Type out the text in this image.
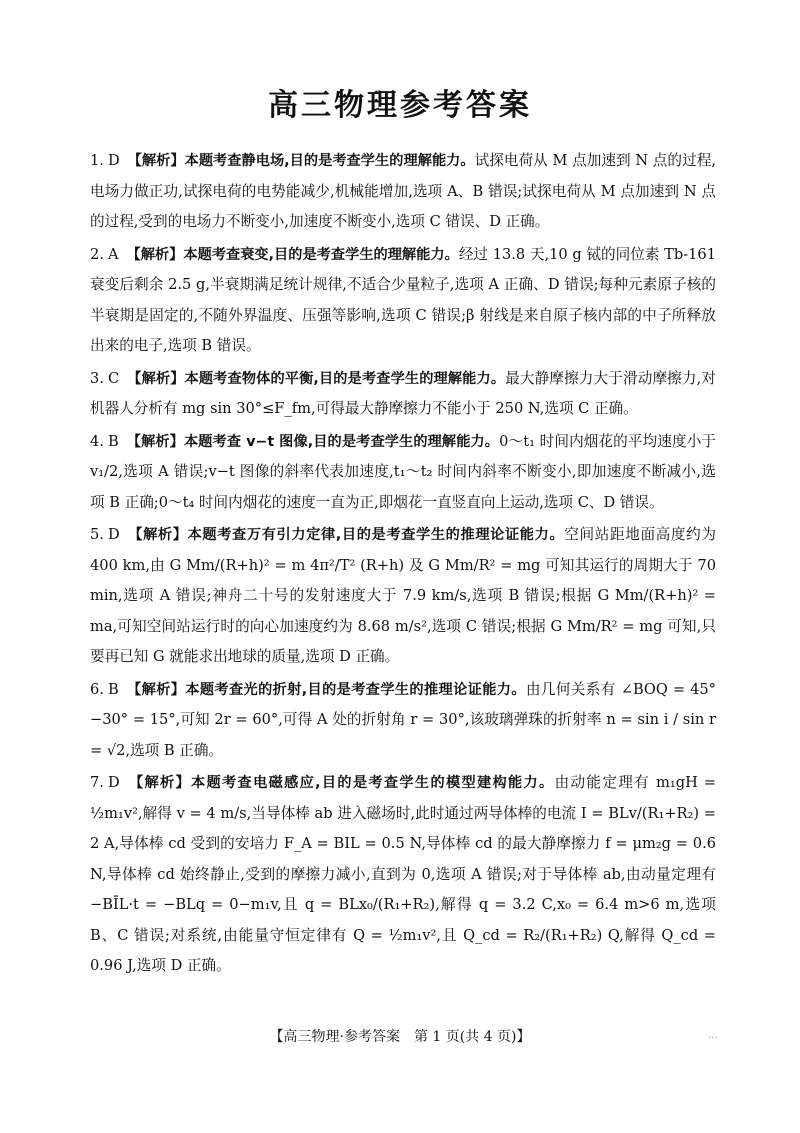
高三物理参考答案

1. D 【解析】本题考查静电场,目的是考查学生的理解能力。试探电荷从 M 点加速到 N 点的过程,电场力做正功,试探电荷的电势能减少,机械能增加,选项 A、B 错误;试探电荷从 M 点加速到 N 点的过程,受到的电场力不断变小,加速度不断变小,选项 C 错误、D 正确。

2. A 【解析】本题考查衰变,目的是考查学生的理解能力。经过 13.8 天,10 g 铽的同位素 Tb-161 衰变后剩余 2.5 g,半衰期满足统计规律,不适合少量粒子,选项 A 正确、D 错误;每种元素原子核的半衰期是固定的,不随外界温度、压强等影响,选项 C 错误;β 射线是来自原子核内部的中子所释放出来的电子,选项 B 错误。

3. C 【解析】本题考查物体的平衡,目的是考查学生的理解能力。最大静摩擦力大于滑动摩擦力,对机器人分析有 mg sin 30°≤F_fm,可得最大静摩擦力不能小于 250 N,选项 C 正确。

4. B 【解析】本题考查 v−t 图像,目的是考查学生的理解能力。0～t₁ 时间内烟花的平均速度小于 v₁/2,选项 A 错误;v−t 图像的斜率代表加速度,t₁～t₂ 时间内斜率不断变小,即加速度不断减小,选项 B 正确;0～t₄ 时间内烟花的速度一直为正,即烟花一直竖直向上运动,选项 C、D 错误。

5. D 【解析】本题考查万有引力定律,目的是考查学生的推理论证能力。空间站距地面高度约为 400 km,由 G Mm/(R+h)² = m 4π²/T² (R+h) 及 G Mm/R² = mg 可知其运行的周期大于 70 min,选项 A 错误;神舟二十号的发射速度大于 7.9 km/s,选项 B 错误;根据 G Mm/(R+h)² = ma,可知空间站运行时的向心加速度约为 8.68 m/s²,选项 C 错误;根据 G Mm/R² = mg 可知,只要再已知 G 就能求出地球的质量,选项 D 正确。

6. B 【解析】本题考查光的折射,目的是考查学生的推理论证能力。由几何关系有 ∠BOQ = 45°−30° = 15°,可知 2r = 60°,可得 A 处的折射角 r = 30°,该玻璃弹珠的折射率 n = sin i / sin r = √2,选项 B 正确。

7. D 【解析】本题考查电磁感应,目的是考查学生的模型建构能力。由动能定理有 m₁gH = ½m₁v²,解得 v = 4 m/s,当导体棒 ab 进入磁场时,此时通过两导体棒的电流 I = BLv/(R₁+R₂) = 2 A,导体棒 cd 受到的安培力 F_A = BIL = 0.5 N,导体棒 cd 的最大静摩擦力 f = μm₂g = 0.6 N,导体棒 cd 始终静止,受到的摩擦力减小,直到为 0,选项 A 错误;对于导体棒 ab,由动量定理有 −BĪL·t = −BLq = 0−m₁v,且 q = BLx₀/(R₁+R₂),解得 q = 3.2 C,x₀ = 6.4 m>6 m,选项 B、C 错误;对系统,由能量守恒定律有 Q = ½m₁v²,且 Q_cd = R₂/(R₁+R₂) Q,解得 Q_cd = 0.96 J,选项 D 正确。

【高三物理·参考答案　第 1 页(共 4 页)】	...
